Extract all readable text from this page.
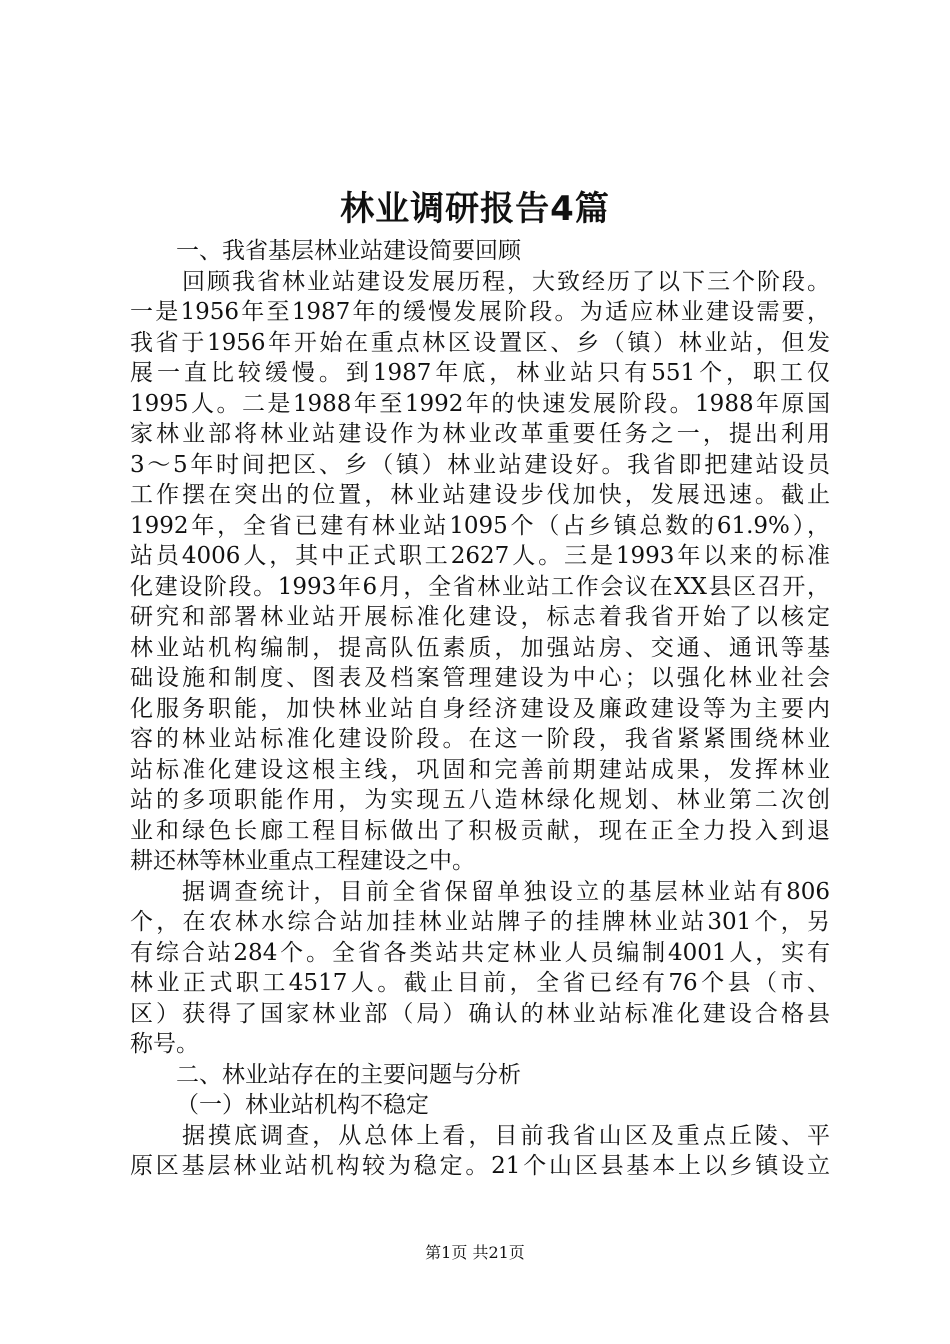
林业调研报告4篇
一、我省基层林业站建设简要回顾
回顾我省林业站建设发展历程，大致经历了以下三个阶段。
一是1956年至1987年的缓慢发展阶段。为适应林业建设需要，
我省于1956年开始在重点林区设置区、乡（镇）林业站，但发
展一直比较缓慢。到1987年底，林业站只有551个，职工仅
1995人。二是1988年至1992年的快速发展阶段。1988年原国
家林业部将林业站建设作为林业改革重要任务之一，提出利用
3～5年时间把区、乡（镇）林业站建设好。我省即把建站设员
工作摆在突出的位置，林业站建设步伐加快，发展迅速。截止
1992年，全省已建有林业站1095个（占乡镇总数的61.9%），
站员4006人，其中正式职工2627人。三是1993年以来的标准
化建设阶段。1993年6月，全省林业站工作会议在XX县区召开，
研究和部署林业站开展标准化建设，标志着我省开始了以核定
林业站机构编制，提高队伍素质，加强站房、交通、通讯等基
础设施和制度、图表及档案管理建设为中心；以强化林业社会
化服务职能，加快林业站自身经济建设及廉政建设等为主要内
容的林业站标准化建设阶段。在这一阶段，我省紧紧围绕林业
站标准化建设这根主线，巩固和完善前期建站成果，发挥林业
站的多项职能作用，为实现五八造林绿化规划、林业第二次创
业和绿色长廊工程目标做出了积极贡献，现在正全力投入到退
耕还林等林业重点工程建设之中。
据调查统计，目前全省保留单独设立的基层林业站有806
个，在农林水综合站加挂林业站牌子的挂牌林业站301个，另
有综合站284个。全省各类站共定林业人员编制4001人，实有
林业正式职工4517人。截止目前，全省已经有76个县（市、
区）获得了国家林业部（局）确认的林业站标准化建设合格县
称号。
二、林业站存在的主要问题与分析
（一）林业站机构不稳定
据摸底调查，从总体上看，目前我省山区及重点丘陵、平
原区基层林业站机构较为稳定。21个山区县基本上以乡镇设立
第1页 共21页
